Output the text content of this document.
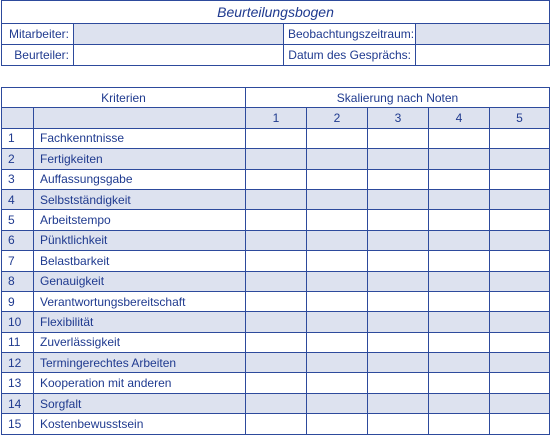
Beurteilungsbogen			
Mitarbeiter:		Beobachtungszeitraum:	
Beurteiler:		Datum des Gesprächs:	
Kriterien		Skalierung nach Noten				
		1	2	3	4	5
1	Fachkenntnisse					
2	Fertigkeiten					
3	Auffassungsgabe					
4	Selbstständigkeit					
5	Arbeitstempo					
6	Pünktlichkeit					
7	Belastbarkeit					
8	Genauigkeit					
9	Verantwortungsbereitschaft					
10	Flexibilität					
11	Zuverlässigkeit					
12	Termingerechtes Arbeiten					
13	Kooperation mit anderen					
14	Sorgfalt					
15	Kostenbewusstsein					
